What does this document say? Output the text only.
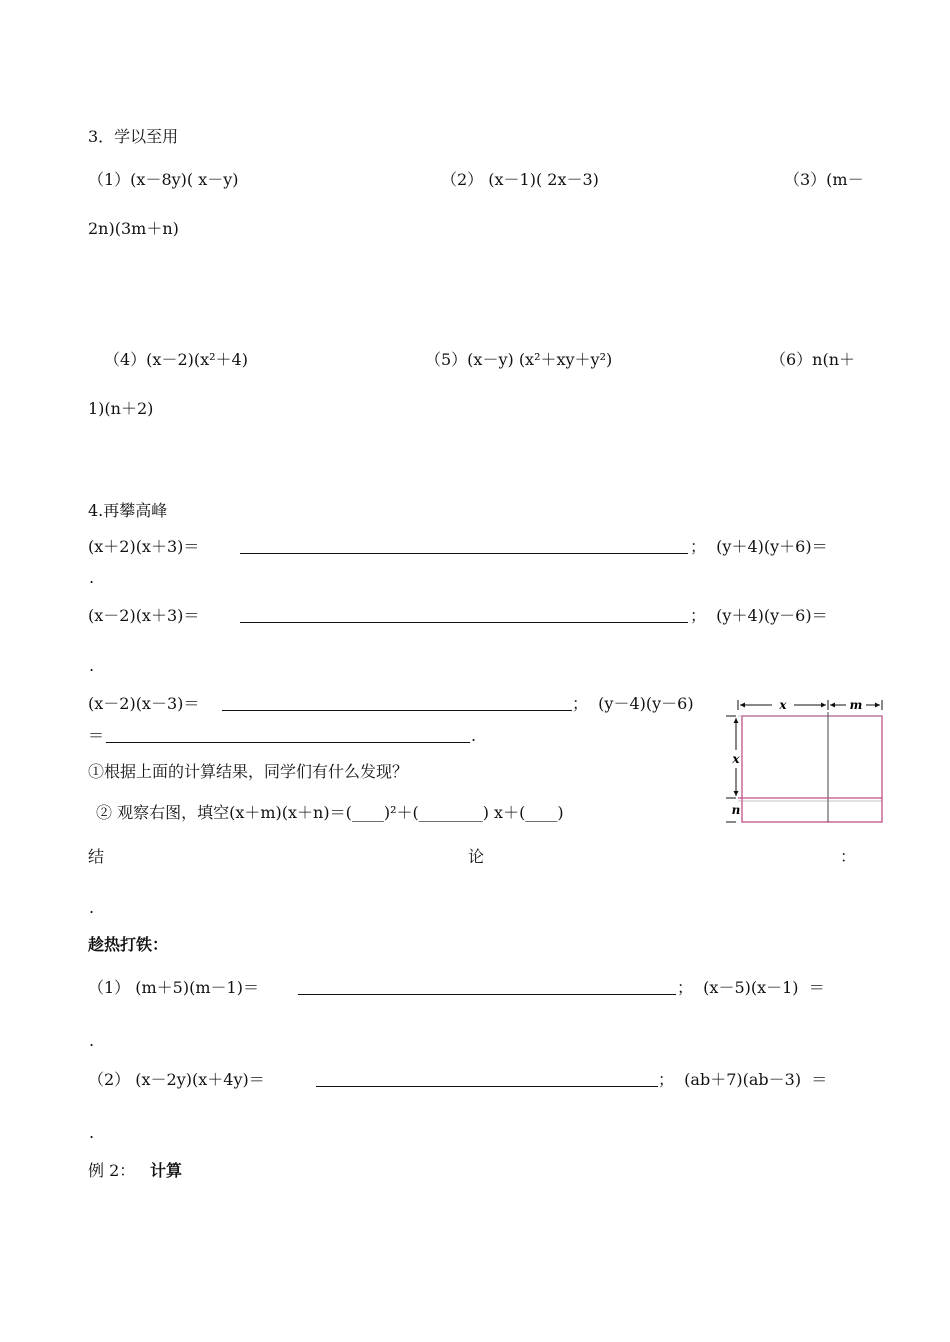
3．学以至用
（1）(x－8y)( x－y)	（2） (x－1)( 2x－3)	（3）(m－
2n)(3m＋n)
（4）(x－2)(x²＋4)	（5）(x－y) (x²＋xy＋y²)	（6）n(n＋
1)(n＋2)
4.再攀高峰
(x＋2)(x＋3)＝	；  (y＋4)(y＋6)＝
.
(x－2)(x＋3)＝	；  (y＋4)(y－6)＝
.
(x－2)(x－3)＝	；  (y－4)(y－6)
＝	.
①根据上面的计算结果，同学们有什么发现？
② 观察右图，填空(x＋m)(x＋n)＝(____)²＋(________) x＋(____)
结	论	：
.
x	m
x
n
趁热打铁：
（1） (m＋5)(m－1)＝	；  (x－5)(x－1)  ＝
.
（2） (x－2y)(x＋4y)＝	；  (ab＋7)(ab－3)  ＝
.
例 2： 计算
